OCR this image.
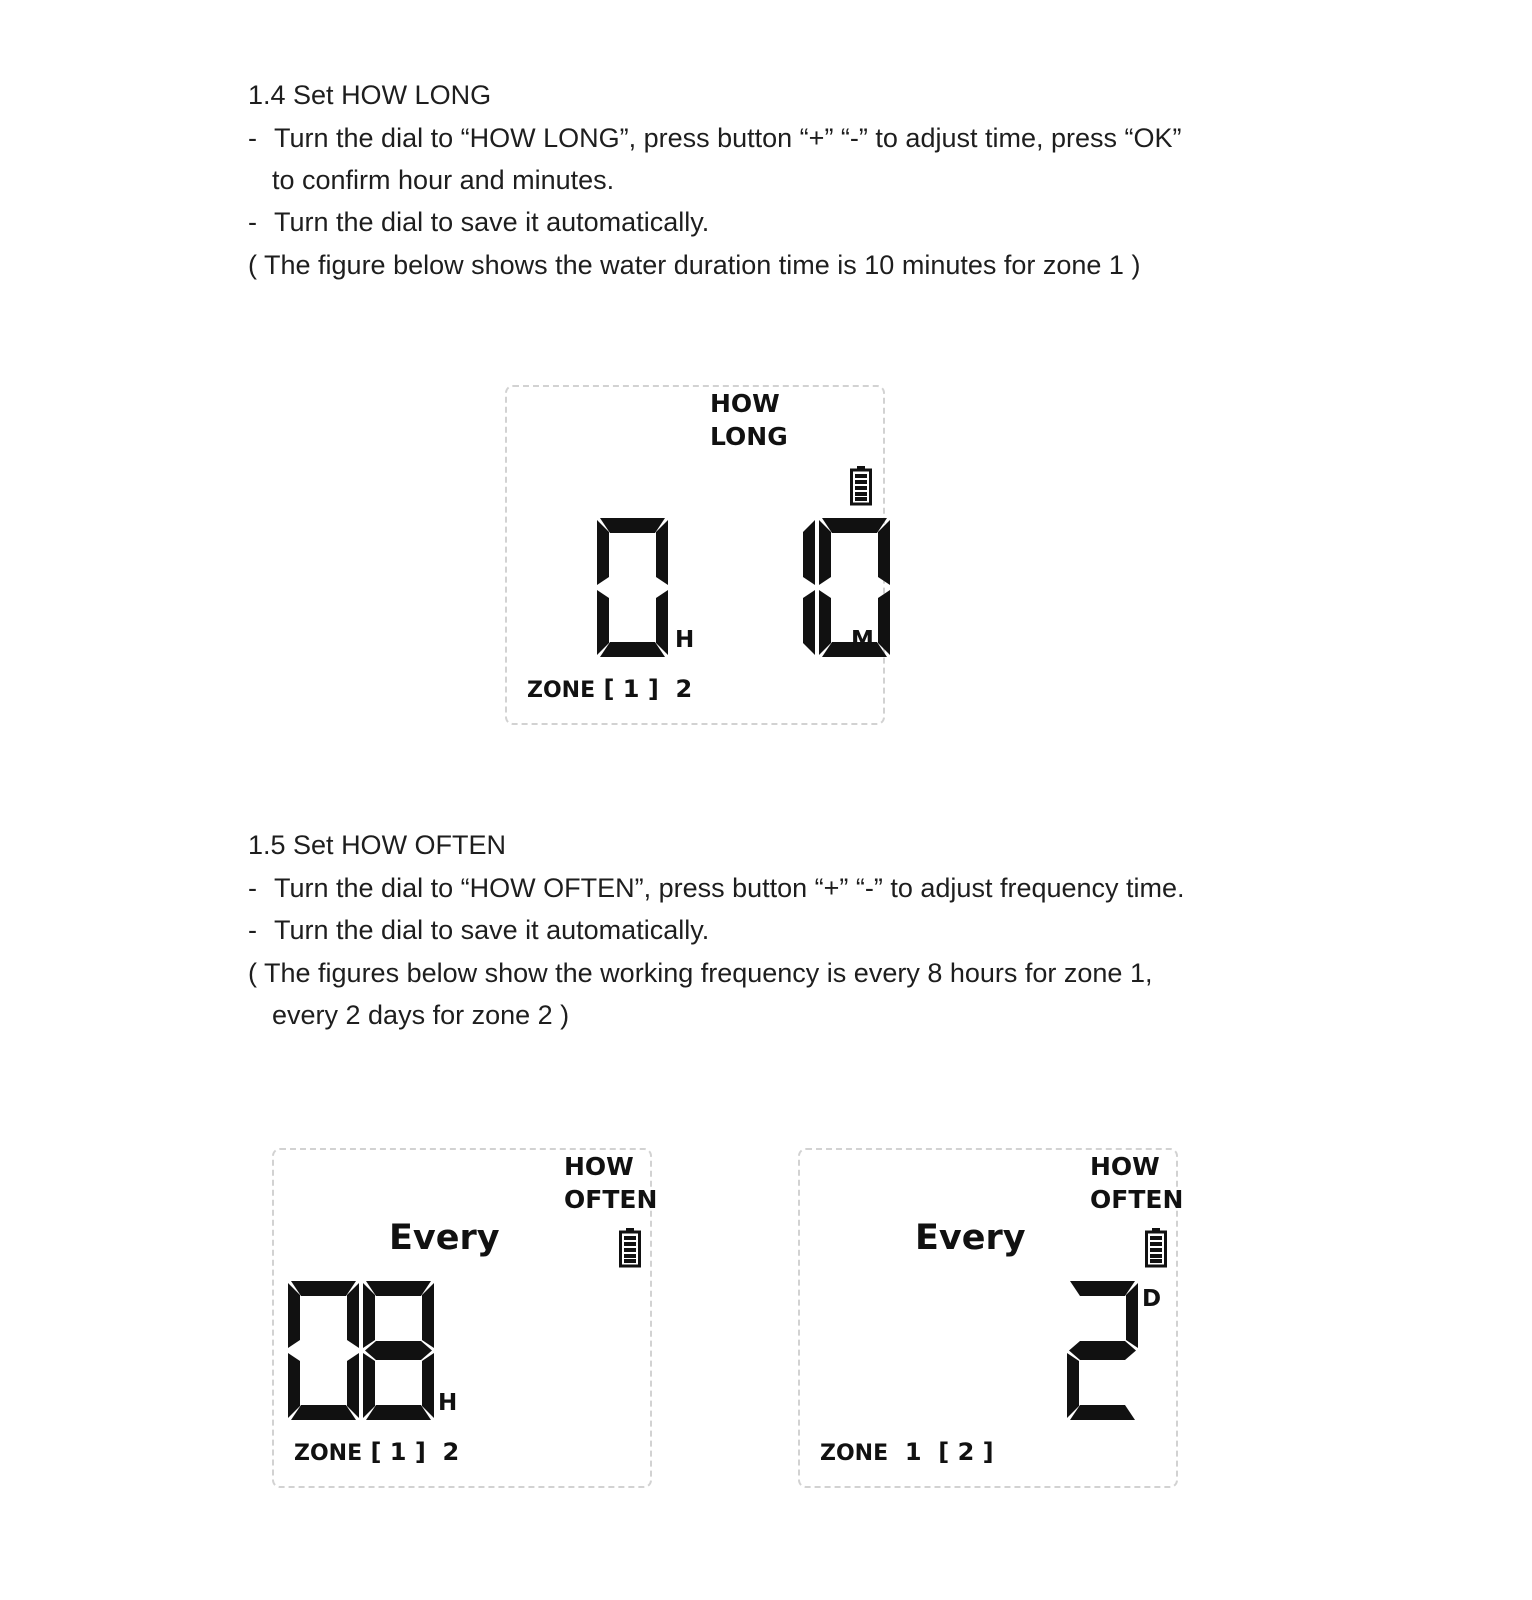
1.4 Set HOW LONG
- Turn the dial to “HOW LONG”, press button “+” “-” to adjust time, press “OK”
to confirm hour and minutes.
- Turn the dial to save it automatically.
( The figure below shows the water duration time is 10 minutes for zone 1 )
HOW
LONG
H	M
ZONE [ 1 ] 2
1.5 Set HOW OFTEN
- Turn the dial to “HOW OFTEN”, press button “+” “-” to adjust frequency time.
- Turn the dial to save it automatically.
( The figures below show the working frequency is every 8 hours for zone 1,
every 2 days for zone 2 )
HOW
OFTEN
Every
H
ZONE [ 1 ] 2
HOW
OFTEN
Every
D
ZONE 1 [ 2 ]
